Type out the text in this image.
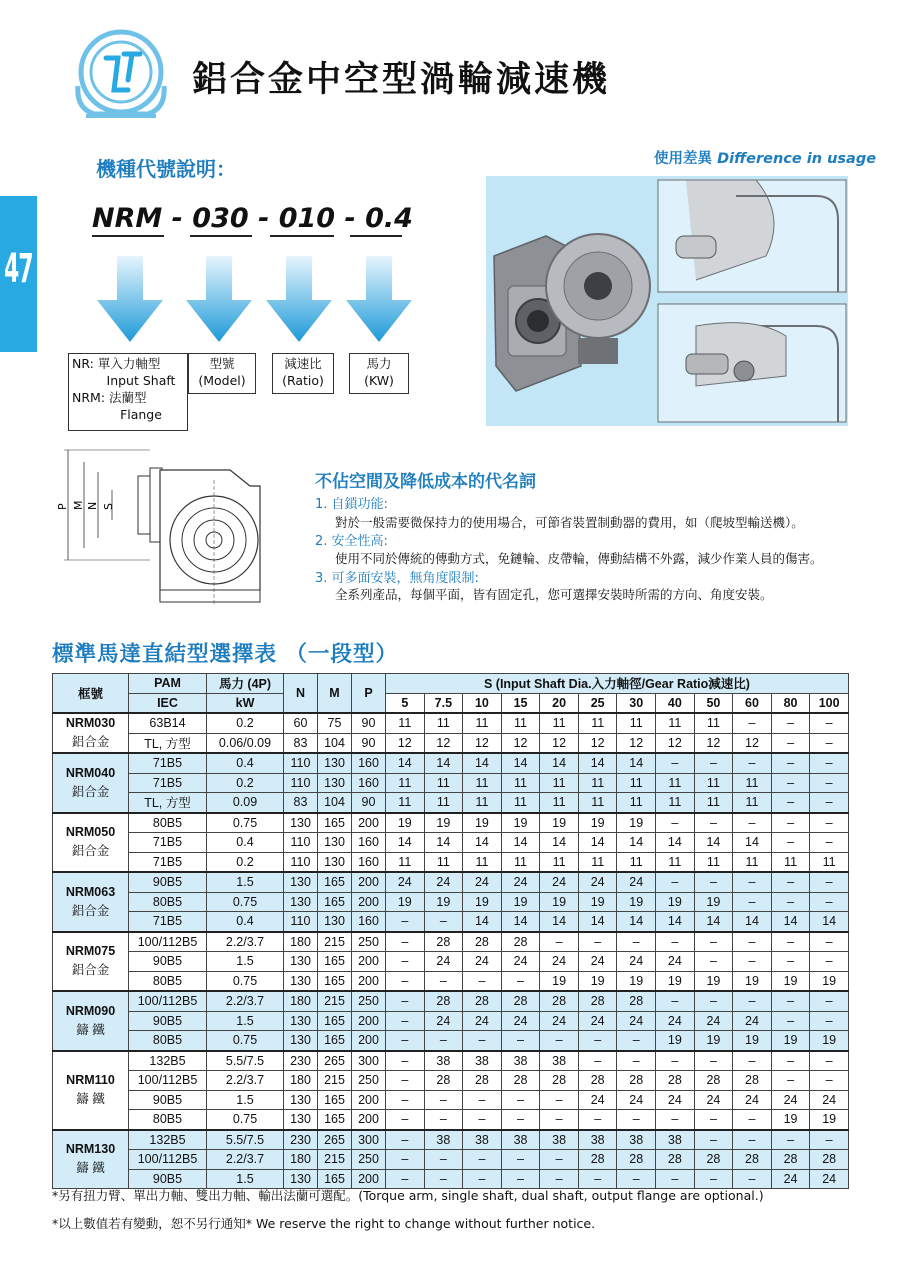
鋁合金中空型渦輪減速機
47
機種代號說明：
NRM - 030 - 010 - 0.4
NR: 單入力軸型
Input Shaft
NRM: 法蘭型
Flange
型號
(Model)
減速比
(Ratio)
馬力
(KW)
使用差異 Difference in usage
P M N S
不佔空間及降低成本的代名詞
1. 自鎖功能:
對於一般需要微保持力的使用場合，可節省裝置制動器的費用，如（爬坡型輸送機）。
2. 安全性高:
使用不同於傳統的傳動方式，免鏈輪、皮帶輪，傳動結構不外露，減少作業人員的傷害。
3. 可多面安裝，無角度限制:
全系列產品，每個平面，皆有固定孔，您可選擇安裝時所需的方向、角度安裝。
標準馬達直結型選擇表 （一段型）
框號	PAM	馬力 (4P)	N	M	P	S (Input Shaft Dia.入力軸徑/Gear Ratio減速比)											
	IEC	kW				5	7.5	10	15	20	25	30	40	50	60	80	100

NRM030
鋁合金	63B14	0.2	60	75	90	11	11	11	11	11	11	11	11	11	–	–	–
	TL, 方型	0.06/0.09	83	104	90	12	12	12	12	12	12	12	12	12	12	–	–

NRM040
鋁合金	71B5	0.4	110	130	160	14	14	14	14	14	14	14	–	–	–	–	–
	71B5	0.2	110	130	160	11	11	11	11	11	11	11	11	11	11	–	–
	TL, 方型	0.09	83	104	90	11	11	11	11	11	11	11	11	11	11	–	–

NRM050
鋁合金	80B5	0.75	130	165	200	19	19	19	19	19	19	19	–	–	–	–	–
	71B5	0.4	110	130	160	14	14	14	14	14	14	14	14	14	14	–	–
	71B5	0.2	110	130	160	11	11	11	11	11	11	11	11	11	11	11	11

NRM063
鋁合金	90B5	1.5	130	165	200	24	24	24	24	24	24	24	–	–	–	–	–
	80B5	0.75	130	165	200	19	19	19	19	19	19	19	19	19	–	–	–
	71B5	0.4	110	130	160	–	–	14	14	14	14	14	14	14	14	14	14

NRM075
鋁合金	100/112B5	2.2/3.7	180	215	250	–	28	28	28	–	–	–	–	–	–	–	–
	90B5	1.5	130	165	200	–	24	24	24	24	24	24	24	–	–	–	–
	80B5	0.75	130	165	200	–	–	–	–	19	19	19	19	19	19	19	19

NRM090
鑄 鐵	100/112B5	2.2/3.7	180	215	250	–	28	28	28	28	28	28	–	–	–	–	–
	90B5	1.5	130	165	200	–	24	24	24	24	24	24	24	24	24	–	–
	80B5	0.75	130	165	200	–	–	–	–	–	–	–	19	19	19	19	19

NRM110
鑄 鐵	132B5	5.5/7.5	230	265	300	–	38	38	38	38	–	–	–	–	–	–	–
	100/112B5	2.2/3.7	180	215	250	–	28	28	28	28	28	28	28	28	28	–	–
	90B5	1.5	130	165	200	–	–	–	–	–	24	24	24	24	24	24	24
	80B5	0.75	130	165	200	–	–	–	–	–	–	–	–	–	–	19	19

NRM130
鑄 鐵	132B5	5.5/7.5	230	265	300	–	38	38	38	38	38	38	38	–	–	–	–
	100/112B5	2.2/3.7	180	215	250	–	–	–	–	–	28	28	28	28	28	28	28
	90B5	1.5	130	165	200	–	–	–	–	–	–	–	–	–	–	24	24
*另有扭力臂、單出力軸、雙出力軸、輸出法蘭可選配。(Torque arm, single shaft, dual shaft, output flange are optional.)
*以上數值若有變動，恕不另行通知* We reserve the right to change without further notice.
